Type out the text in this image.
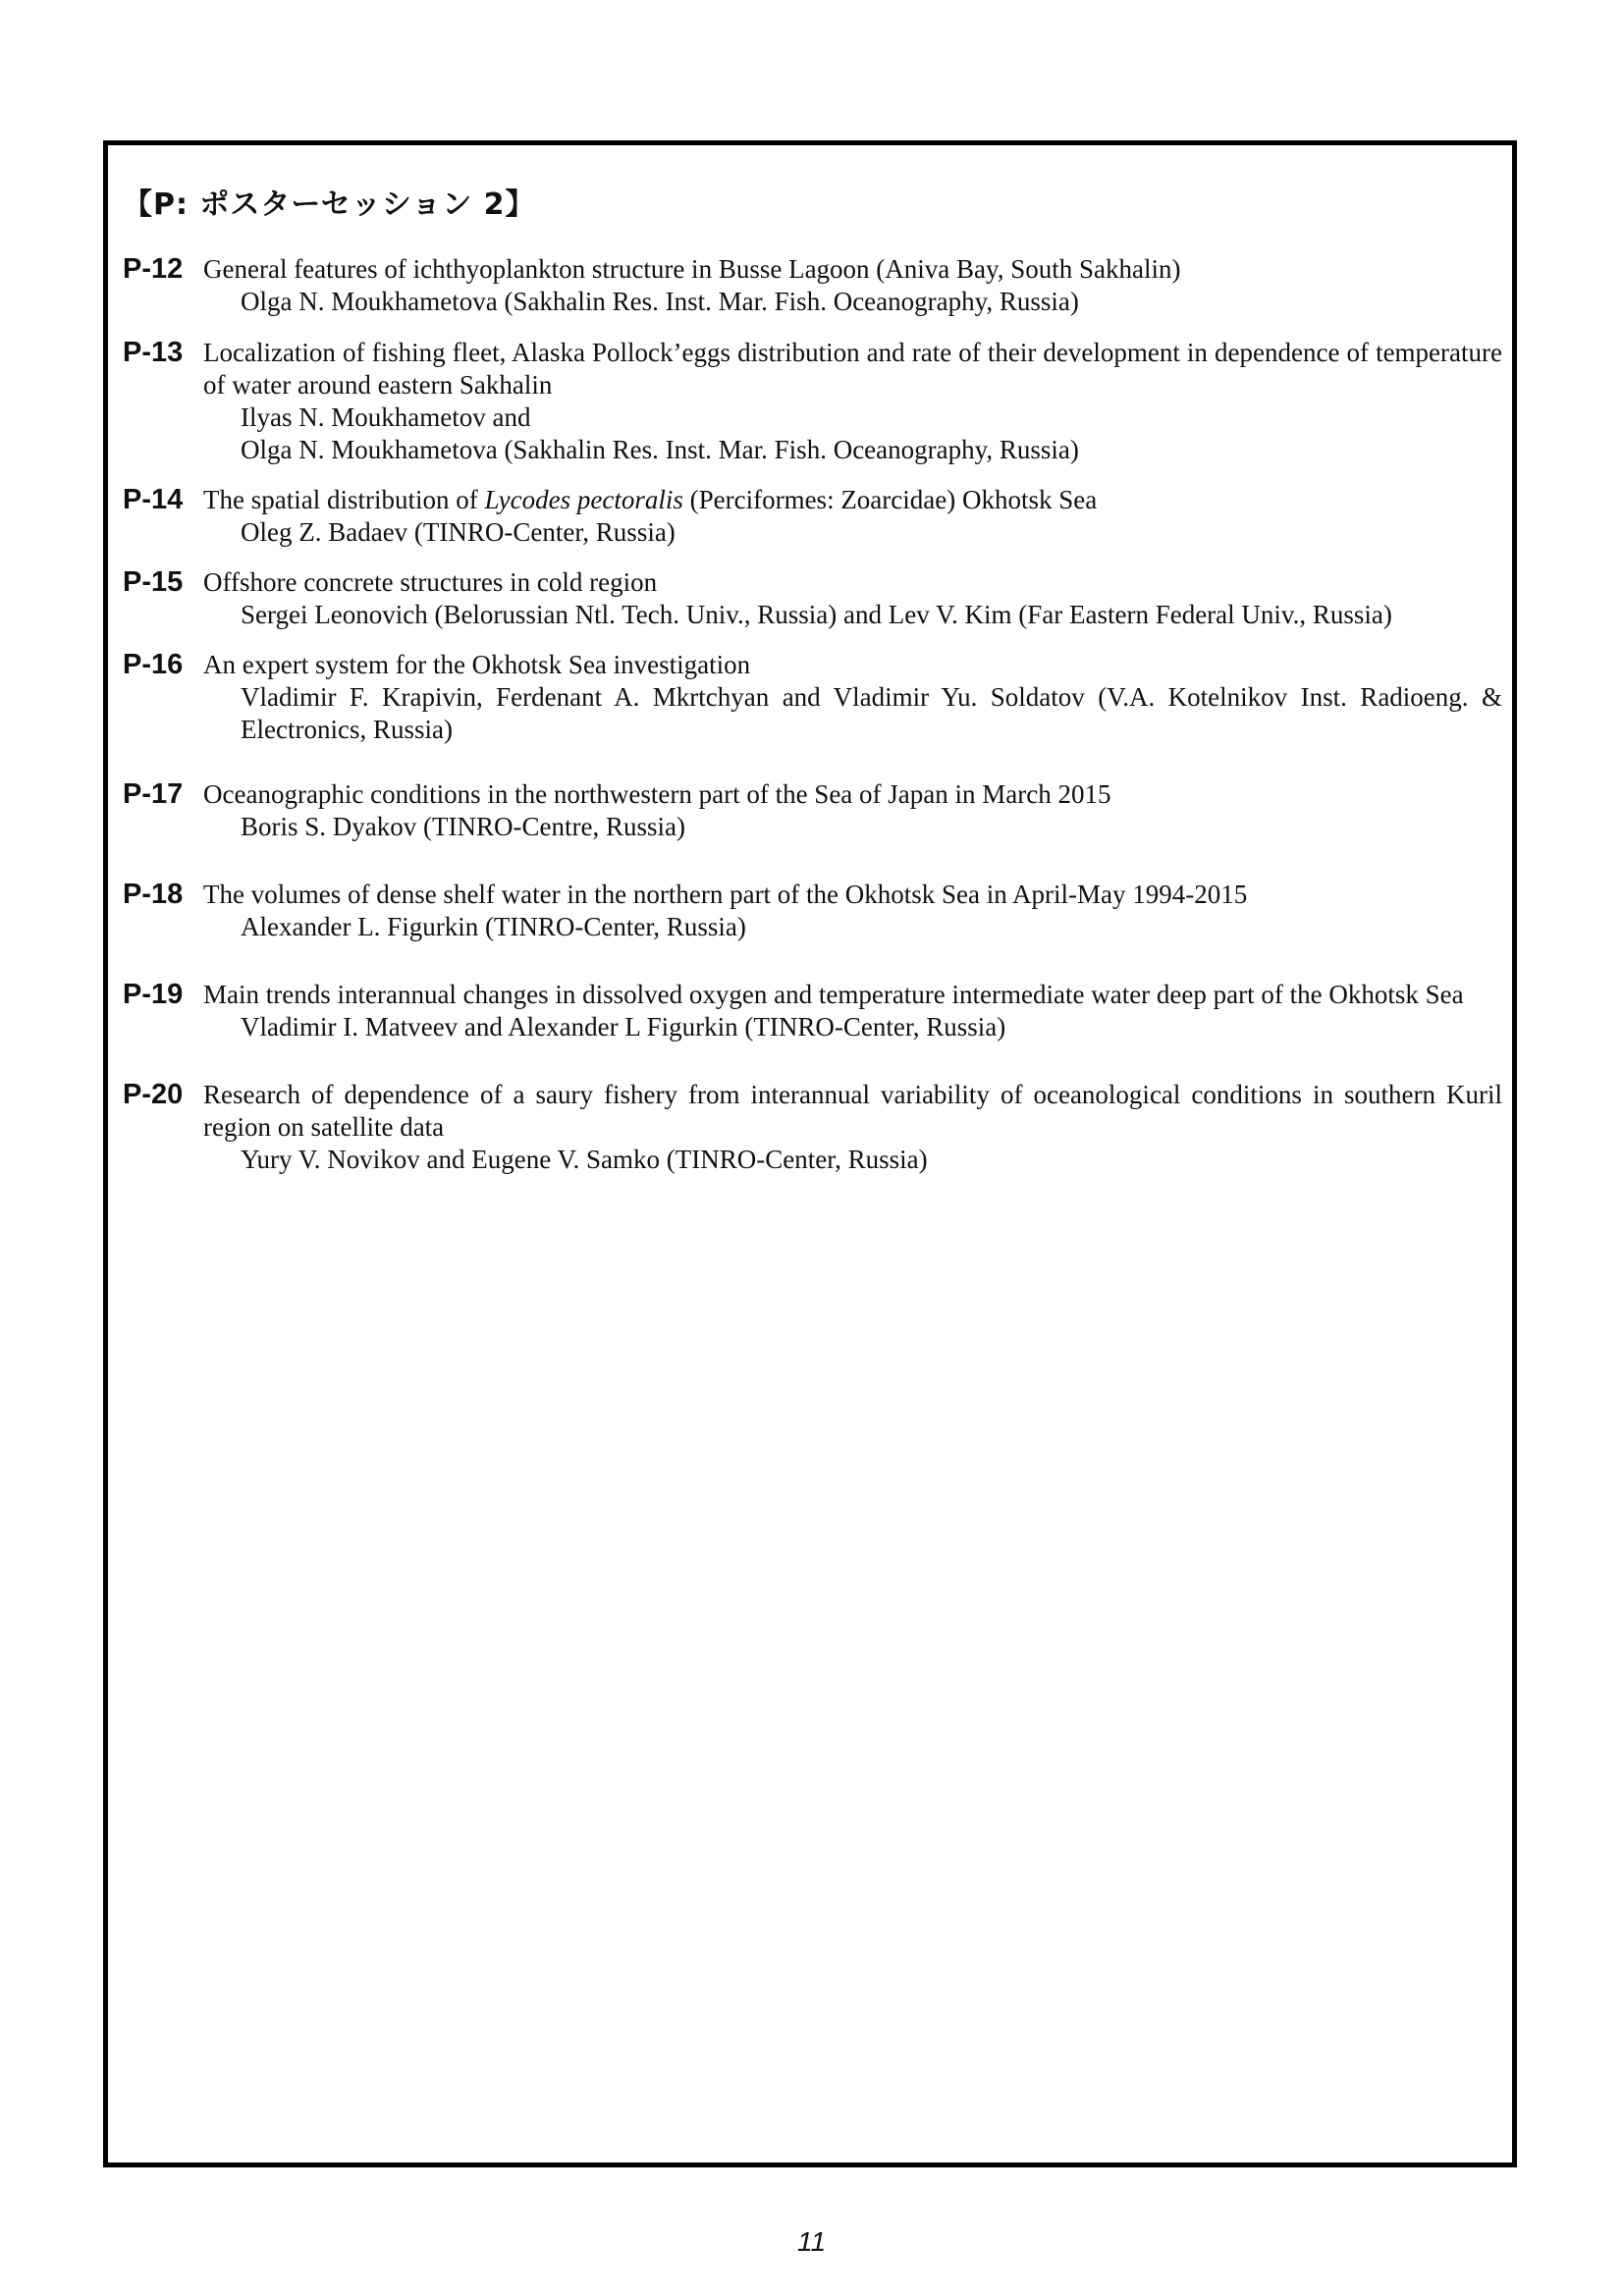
【P: ポスターセッション 2】
P-12 General features of ichthyoplankton structure in Busse Lagoon (Aniva Bay, South Sakhalin)
Olga N. Moukhametova (Sakhalin Res. Inst. Mar. Fish. Oceanography, Russia)
P-13 Localization of fishing fleet, Alaska Pollock’eggs distribution and rate of their development in dependence of temperature of water around eastern Sakhalin
Ilyas N. Moukhametov and
Olga N. Moukhametova (Sakhalin Res. Inst. Mar. Fish. Oceanography, Russia)
P-14 The spatial distribution of Lycodes pectoralis (Perciformes: Zoarcidae) Okhotsk Sea
Oleg Z. Badaev (TINRO-Center, Russia)
P-15 Offshore concrete structures in cold region
Sergei Leonovich (Belorussian Ntl. Tech. Univ., Russia) and Lev V. Kim (Far Eastern Federal Univ., Russia)
P-16 An expert system for the Okhotsk Sea investigation
Vladimir F. Krapivin, Ferdenant A. Mkrtchyan and Vladimir Yu. Soldatov (V.A. Kotelnikov Inst. Radioeng. & Electronics, Russia)
P-17 Oceanographic conditions in the northwestern part of the Sea of Japan in March 2015
Boris S. Dyakov (TINRO-Centre, Russia)
P-18 The volumes of dense shelf water in the northern part of the Okhotsk Sea in April-May 1994-2015
Alexander L. Figurkin (TINRO-Center, Russia)
P-19 Main trends interannual changes in dissolved oxygen and temperature intermediate water deep part of the Okhotsk Sea
Vladimir I. Matveev and Alexander L Figurkin (TINRO-Center, Russia)
P-20 Research of dependence of a saury fishery from interannual variability of oceanological conditions in southern Kuril region on satellite data
Yury V. Novikov and Eugene V. Samko (TINRO-Center, Russia)
11
